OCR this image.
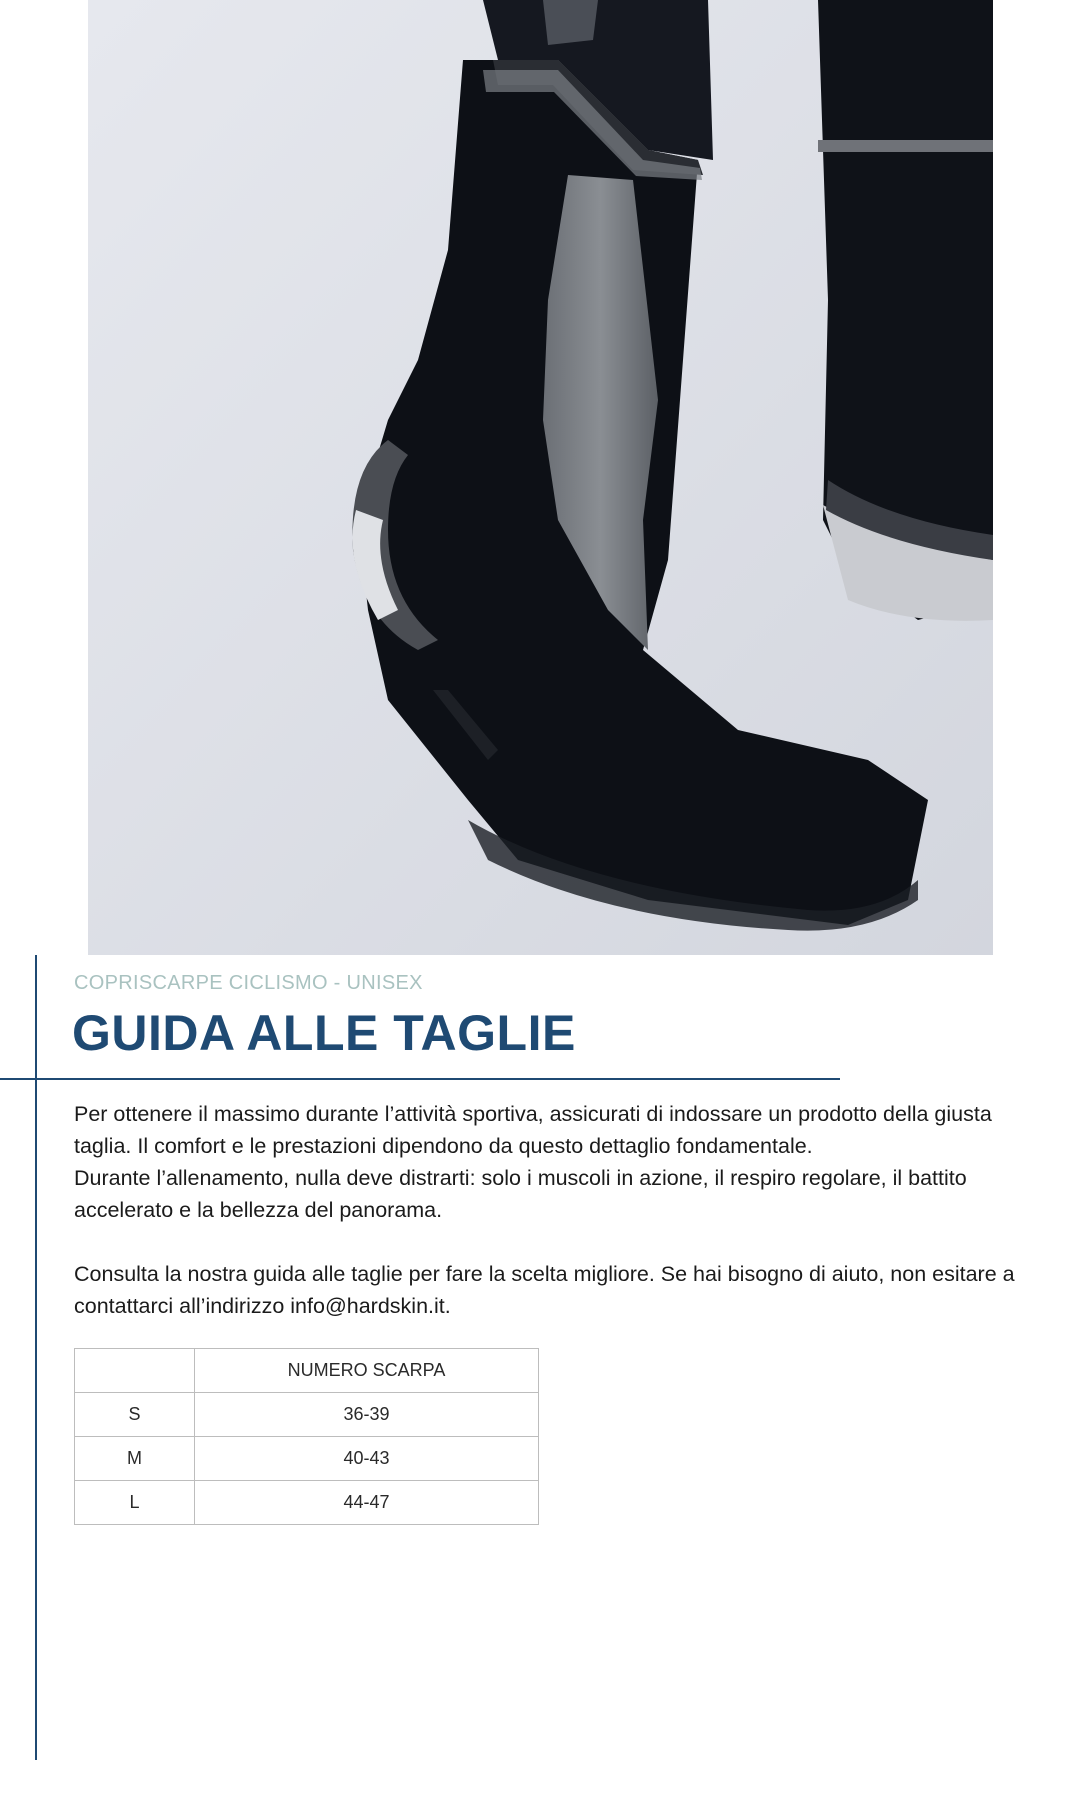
COPRISCARPE CICLISMO - UNISEX
GUIDA ALLE TAGLIE

Per ottenere il massimo durante l’attività sportiva, assicurati di indossare un prodotto della giusta taglia. Il comfort e le prestazioni dipendono da questo dettaglio fondamentale.

Durante l’allenamento, nulla deve distrarti: solo i muscoli in azione, il respiro regolare, il battito accelerato e la bellezza del panorama.

Consulta la nostra guida alle taglie per fare la scelta migliore. Se hai bisogno di aiuto, non esitare a contattarci all’indirizzo info@hardskin.it.

	NUMERO SCARPA
S	36-39
M	40-43
L	44-47
